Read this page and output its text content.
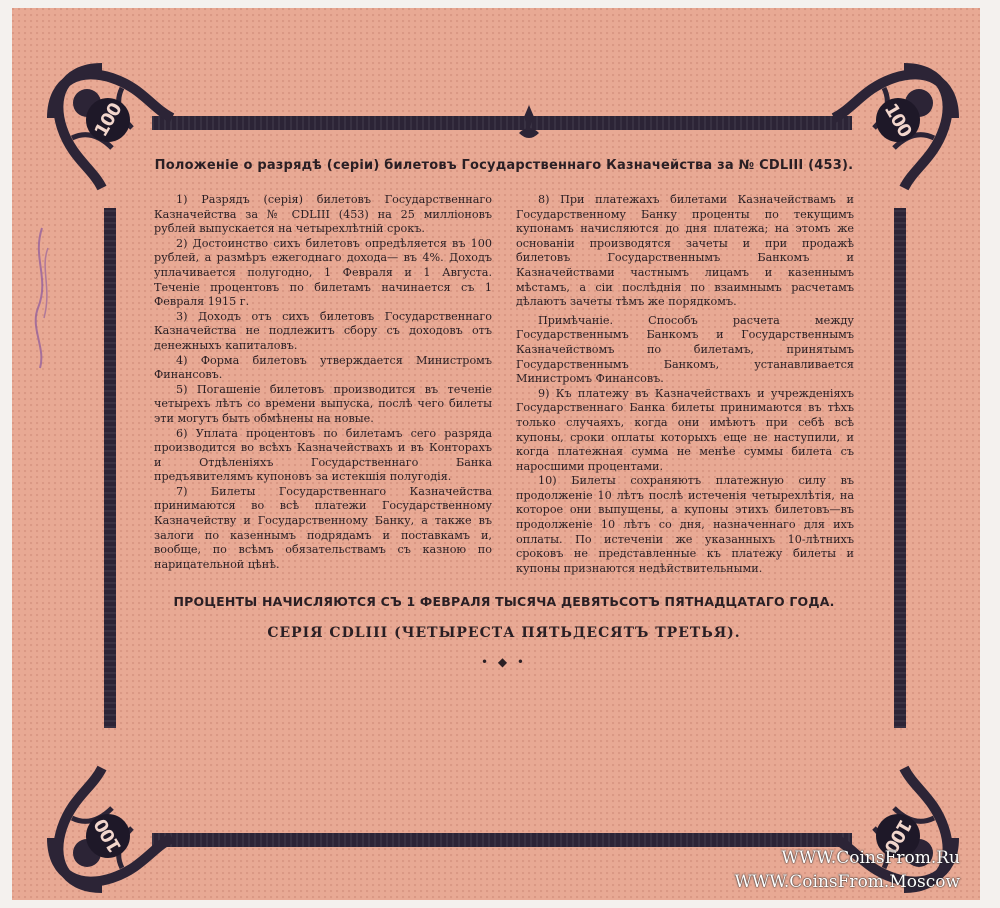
100	100
100	100
Положеніе о разрядѣ (серіи) билетовъ Государственнаго Казначейства за № CDLIII (453).

1) Разрядъ (серія) билетовъ Государственнаго Казначейства за № CDLIII (453) на 25 милліоновъ рублей выпускается на четырехлѣтній срокъ.

2) Достоинство сихъ билетовъ опредѣляется въ 100 рублей, а размѣръ ежегоднаго дохода— въ 4%. Доходъ уплачивается полугодно, 1 Февраля и 1 Августа. Теченіе процентовъ по билетамъ начинается съ 1 Февраля 1915 г.

3) Доходъ отъ сихъ билетовъ Государственнаго Казначейства не подлежитъ сбору съ доходовъ отъ денежныхъ капиталовъ.

4) Форма билетовъ утверждается Министромъ Финансовъ.

5) Погашеніе билетовъ производится въ теченіе четырехъ лѣтъ со времени выпуска, послѣ чего билеты эти могутъ быть обмѣнены на новые.

6) Уплата процентовъ по билетамъ сего разряда производится во всѣхъ Казначействахъ и въ Конторахъ и Отдѣленіяхъ Государственнаго Банка предъявителямъ купоновъ за истекшія полугодія.

7) Билеты Государственнаго Казначейства принимаются во всѣ платежи Государственному Казначейству и Государственному Банку, а также въ залоги по казеннымъ подрядамъ и поставкамъ и, вообще, по всѣмъ обязательствамъ съ казною по нарицательной цѣнѣ.

8) При платежахъ билетами Казначействамъ и Государственному Банку проценты по текущимъ купонамъ начисляются до дня платежа; на этомъ же основаніи производятся зачеты и при продажѣ билетовъ Государственнымъ Банкомъ и Казначействами частнымъ лицамъ и казеннымъ мѣстамъ, а сіи послѣднія по взаимнымъ расчетамъ дѣлаютъ зачеты тѣмъ же порядкомъ.

Примѣчаніе. Способъ расчета между Государственнымъ Банкомъ и Государственнымъ Казначействомъ по билетамъ, принятымъ Государственнымъ Банкомъ, устанавливается Министромъ Финансовъ.

9) Къ платежу въ Казначействахъ и учрежденіяхъ Государственнаго Банка билеты принимаются въ тѣхъ только случаяхъ, когда они имѣютъ при себѣ всѣ купоны, сроки оплаты которыхъ еще не наступили, и когда платежная сумма не менѣе суммы билета съ наросшими процентами.

10) Билеты сохраняютъ платежную силу въ продолженіе 10 лѣтъ послѣ истеченія четырехлѣтія, на которое они выпущены, а купоны этихъ билетовъ—въ продолженіе 10 лѣтъ со дня, назначеннаго для ихъ оплаты. По истеченіи же указанныхъ 10-лѣтнихъ сроковъ не представленные къ платежу билеты и купоны признаются недѣйствительными.

ПРОЦЕНТЫ НАЧИСЛЯЮТСЯ СЪ 1 ФЕВРАЛЯ ТЫСЯЧА ДЕВЯТЬСОТЪ ПЯТНАДЦАТАГО ГОДА.
СЕРІЯ CDLIII (ЧЕТЫРЕСТА ПЯТЬДЕСЯТЪ ТРЕТЬЯ).
• ◆ •
WWW.CoinsFrom.Ru
WWW.CoinsFrom.Moscow
